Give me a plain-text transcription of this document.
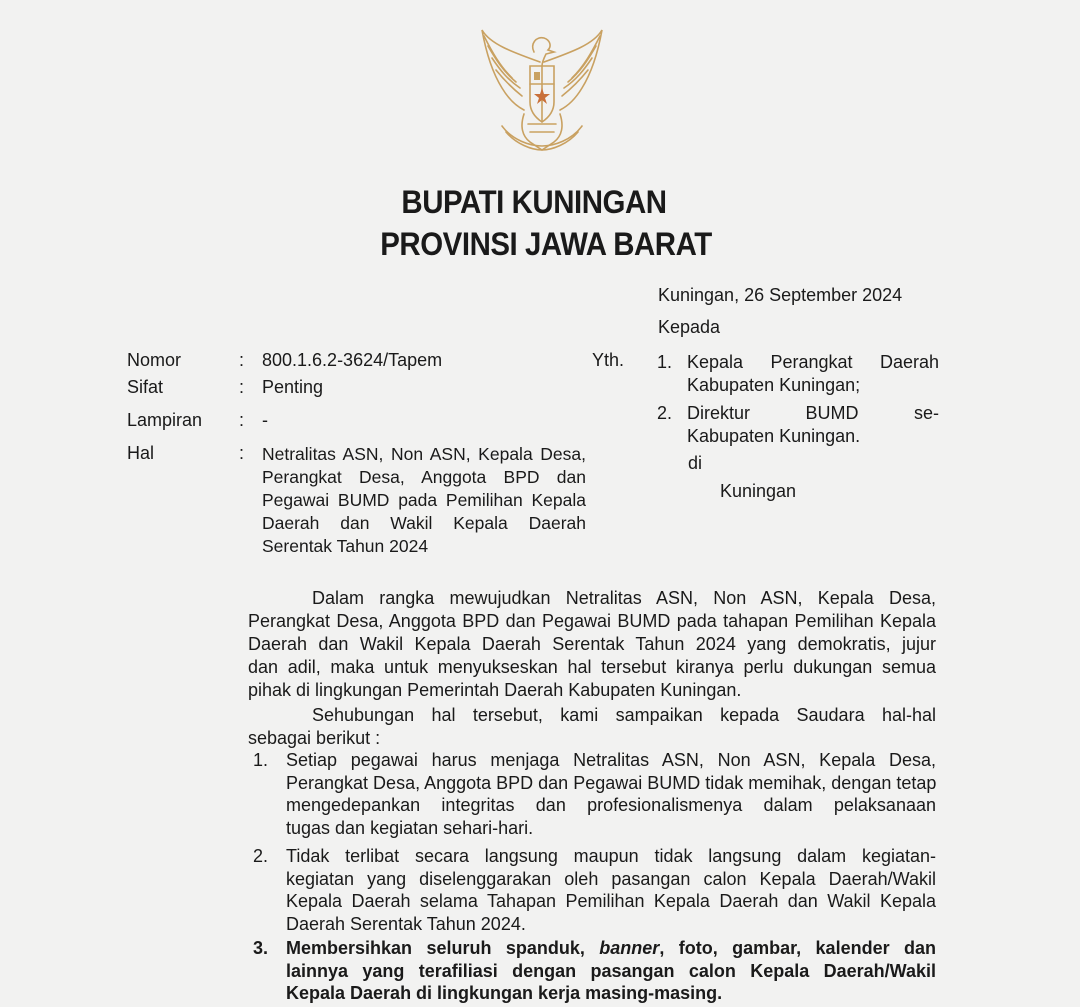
BUPATI KUNINGAN
PROVINSI JAWA BARAT
Kuningan, 26 September 2024
Kepada
Nomor	: 800.1.6.2-3624/Tapem
Sifat	: Penting
Lampiran : -
Hal	: Netralitas ASN, Non ASN, Kepala Desa,
Perangkat Desa, Anggota BPD dan
Pegawai BUMD pada Pemilihan Kepala
Daerah dan Wakil Kepala Daerah
Serentak Tahun 2024
Yth. 1. Kepala Perangkat Daerah
Kabupaten Kuningan;
2. Direktur BUMD se-
Kabupaten Kuningan.
di
Kuningan
Dalam rangka mewujudkan Netralitas ASN, Non ASN, Kepala Desa,
Perangkat Desa, Anggota BPD dan Pegawai BUMD pada tahapan Pemilihan Kepala
Daerah dan Wakil Kepala Daerah Serentak Tahun 2024 yang demokratis, jujur
dan adil, maka untuk menyukseskan hal tersebut kiranya perlu dukungan semua
pihak di lingkungan Pemerintah Daerah Kabupaten Kuningan.
Sehubungan hal tersebut, kami sampaikan kepada Saudara hal-hal
sebagai berikut :
1. Setiap pegawai harus menjaga Netralitas ASN, Non ASN, Kepala Desa,
Perangkat Desa, Anggota BPD dan Pegawai BUMD tidak memihak, dengan tetap
mengedepankan integritas dan profesionalismenya dalam pelaksanaan
tugas dan kegiatan sehari-hari.
2. Tidak terlibat secara langsung maupun tidak langsung dalam kegiatan-
kegiatan yang diselenggarakan oleh pasangan calon Kepala Daerah/Wakil
Kepala Daerah selama Tahapan Pemilihan Kepala Daerah dan Wakil Kepala
Daerah Serentak Tahun 2024.
3. Membersihkan seluruh spanduk, banner, foto, gambar, kalender dan
lainnya yang terafiliasi dengan pasangan calon Kepala Daerah/Wakil
Kepala Daerah di lingkungan kerja masing-masing.
